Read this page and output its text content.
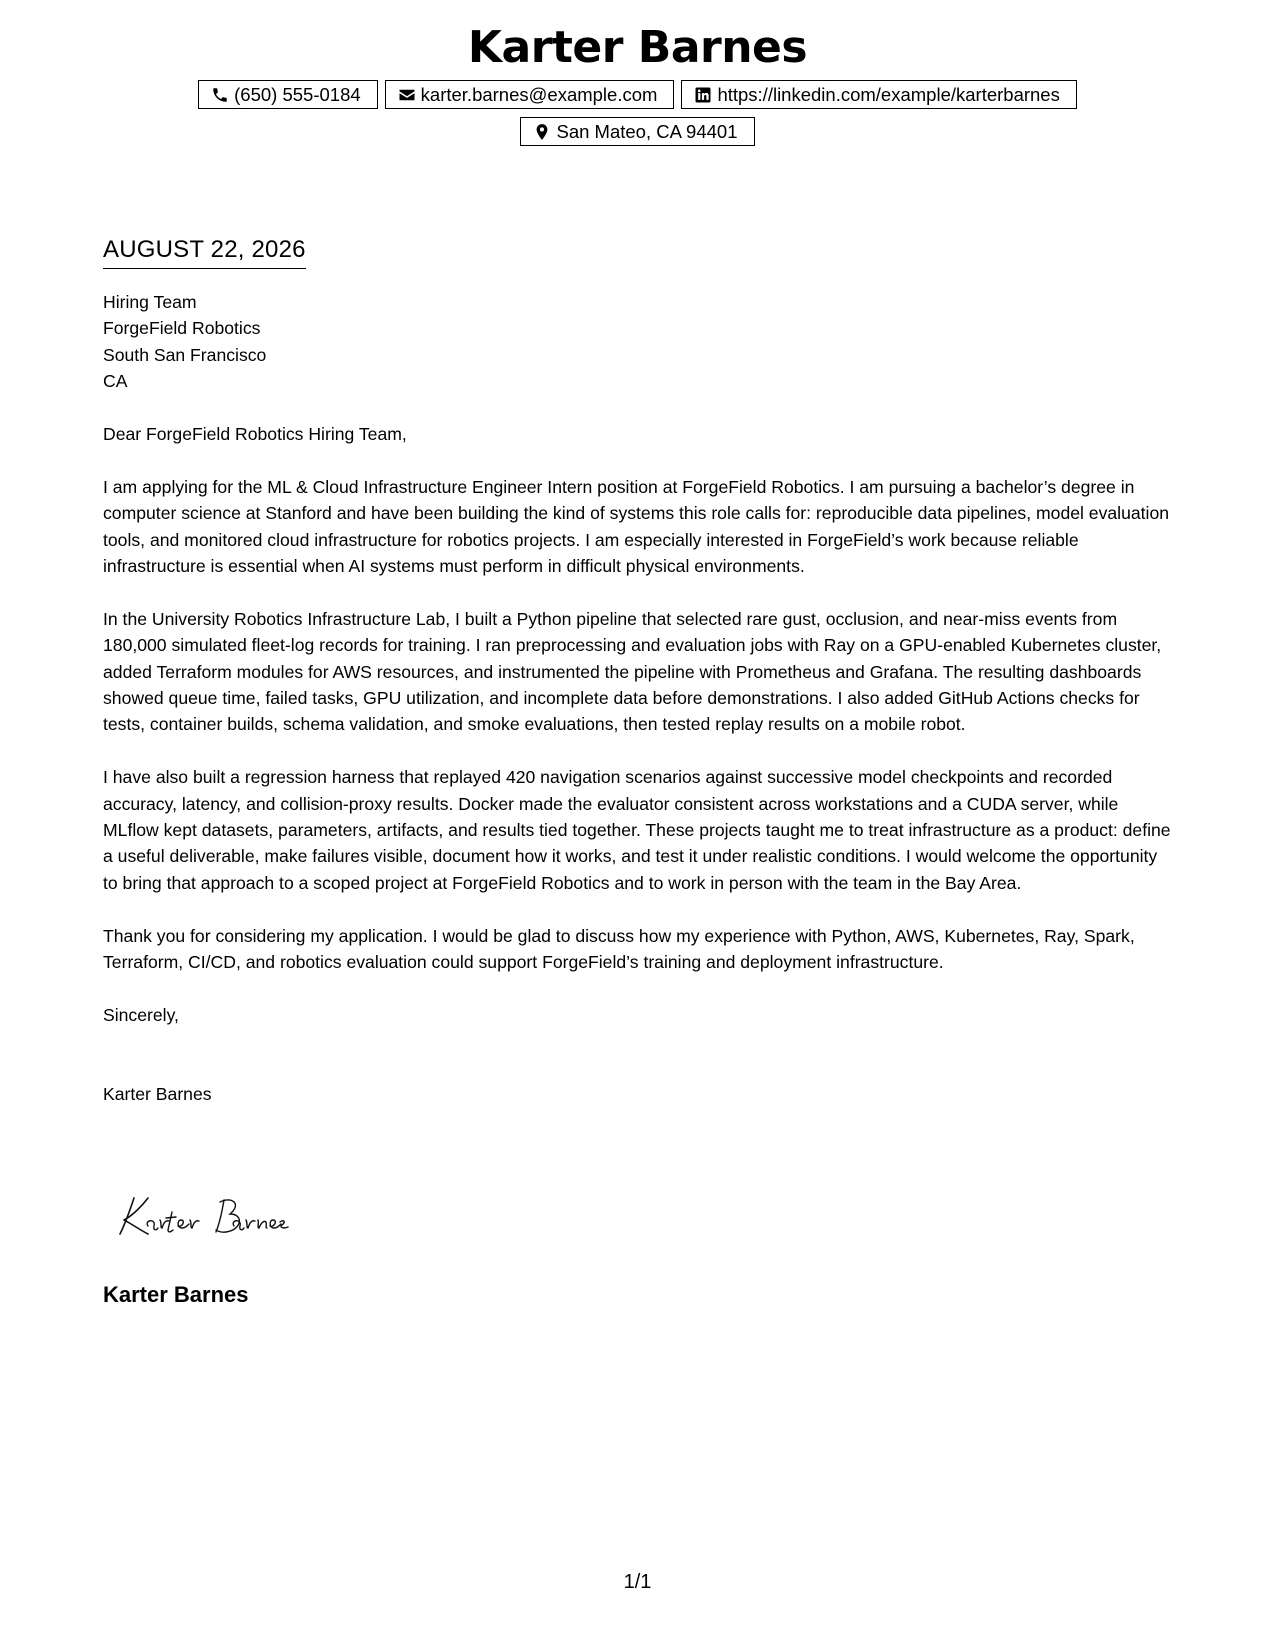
Karter Barnes
(650) 555-0184	karter.barnes@example.com	https://linkedin.com/example/karterbarnes
San Mateo, CA 94401
AUGUST 22, 2026

Hiring Team
ForgeField Robotics
South San Francisco
CA

Dear ForgeField Robotics Hiring Team,

I am applying for the ML & Cloud Infrastructure Engineer Intern position at ForgeField Robotics. I am pursuing a bachelor’s degree in computer science at Stanford and have been building the kind of systems this role calls for: reproducible data pipelines, model evaluation tools, and monitored cloud infrastructure for robotics projects. I am especially interested in ForgeField’s work because reliable infrastructure is essential when AI systems must perform in difficult physical environments.

In the University Robotics Infrastructure Lab, I built a Python pipeline that selected rare gust, occlusion, and near-miss events from 180,000 simulated fleet-log records for training. I ran preprocessing and evaluation jobs with Ray on a GPU-enabled Kubernetes cluster, added Terraform modules for AWS resources, and instrumented the pipeline with Prometheus and Grafana. The resulting dashboards showed queue time, failed tasks, GPU utilization, and incomplete data before demonstrations. I also added GitHub Actions checks for tests, container builds, schema validation, and smoke evaluations, then tested replay results on a mobile robot.

I have also built a regression harness that replayed 420 navigation scenarios against successive model checkpoints and recorded accuracy, latency, and collision-proxy results. Docker made the evaluator consistent across workstations and a CUDA server, while MLflow kept datasets, parameters, artifacts, and results tied together. These projects taught me to treat infrastructure as a product: define a useful deliverable, make failures visible, document how it works, and test it under realistic conditions. I would welcome the opportunity to bring that approach to a scoped project at ForgeField Robotics and to work in person with the team in the Bay Area.

Thank you for considering my application. I would be glad to discuss how my experience with Python, AWS, Kubernetes, Ray, Spark, Terraform, CI/CD, and robotics evaluation could support ForgeField’s training and deployment infrastructure.

Sincerely,

Karter Barnes

Karter Barnes
1/1
